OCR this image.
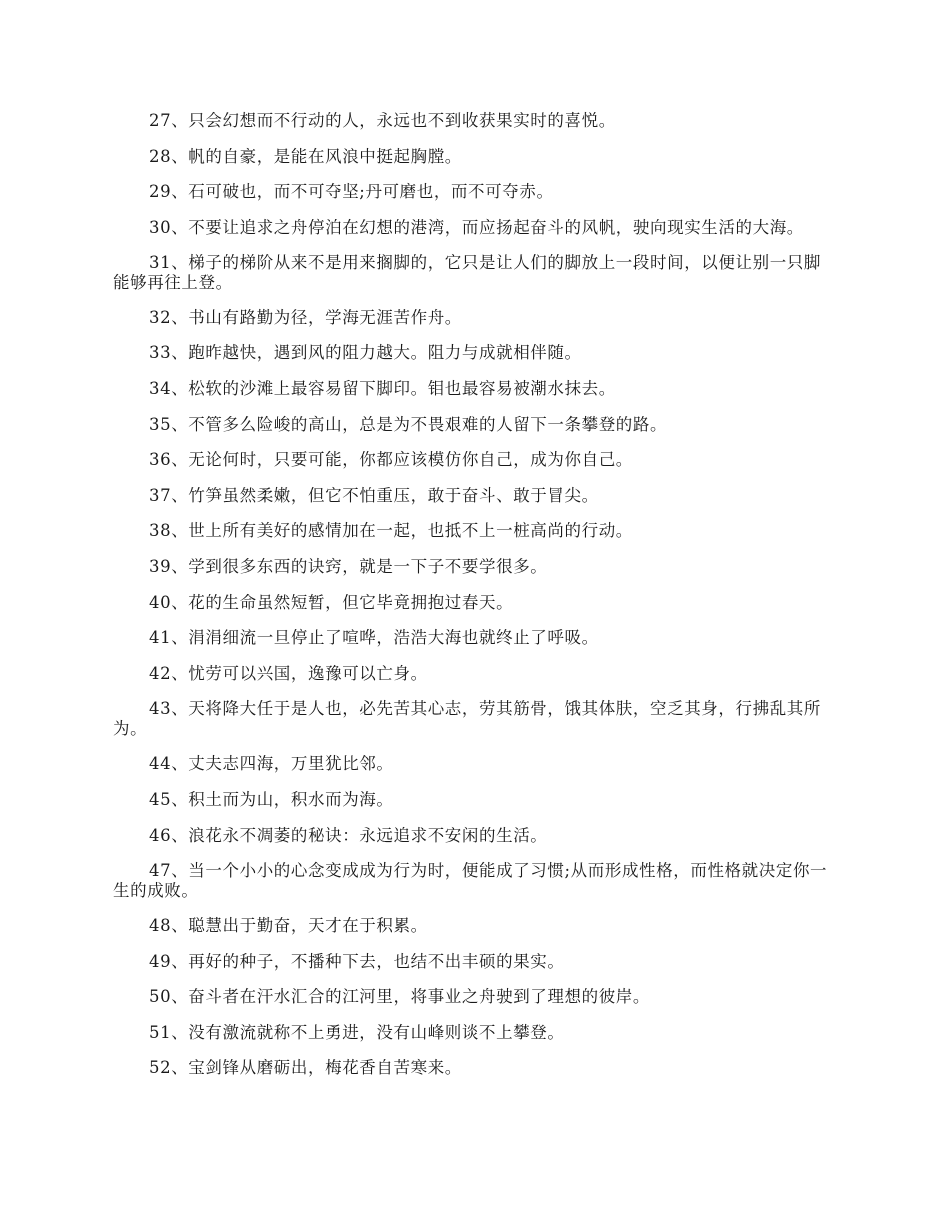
27、只会幻想而不行动的人，永远也不到收获果实时的喜悦。

28、帆的自豪，是能在风浪中挺起胸膛。

29、石可破也，而不可夺坚;丹可磨也，而不可夺赤。

30、不要让追求之舟停泊在幻想的港湾，而应扬起奋斗的风帆，驶向现实生活的大海。

31、梯子的梯阶从来不是用来搁脚的，它只是让人们的脚放上一段时间，以便让别一只脚能够再往上登。

32、书山有路勤为径，学海无涯苦作舟。

33、跑昨越快，遇到风的阻力越大。阻力与成就相伴随。

34、松软的沙滩上最容易留下脚印。钼也最容易被潮水抹去。

35、不管多么险峻的高山，总是为不畏艰难的人留下一条攀登的路。

36、无论何时，只要可能，你都应该模仿你自己，成为你自己。

37、竹笋虽然柔嫩，但它不怕重压，敢于奋斗、敢于冒尖。

38、世上所有美好的感情加在一起，也抵不上一桩高尚的行动。

39、学到很多东西的诀窍，就是一下子不要学很多。

40、花的生命虽然短暂，但它毕竟拥抱过春天。

41、涓涓细流一旦停止了喧哗，浩浩大海也就终止了呼吸。

42、忧劳可以兴国，逸豫可以亡身。

43、天将降大任于是人也，必先苦其心志，劳其筋骨，饿其体肤，空乏其身，行拂乱其所为。

44、丈夫志四海，万里犹比邻。

45、积土而为山，积水而为海。

46、浪花永不凋萎的秘诀：永远追求不安闲的生活。

47、当一个小小的心念变成成为行为时，便能成了习惯;从而形成性格，而性格就决定你一生的成败。

48、聪慧出于勤奋，天才在于积累。

49、再好的种子，不播种下去，也结不出丰硕的果实。

50、奋斗者在汗水汇合的江河里，将事业之舟驶到了理想的彼岸。

51、没有激流就称不上勇进，没有山峰则谈不上攀登。

52、宝剑锋从磨砺出，梅花香自苦寒来。
